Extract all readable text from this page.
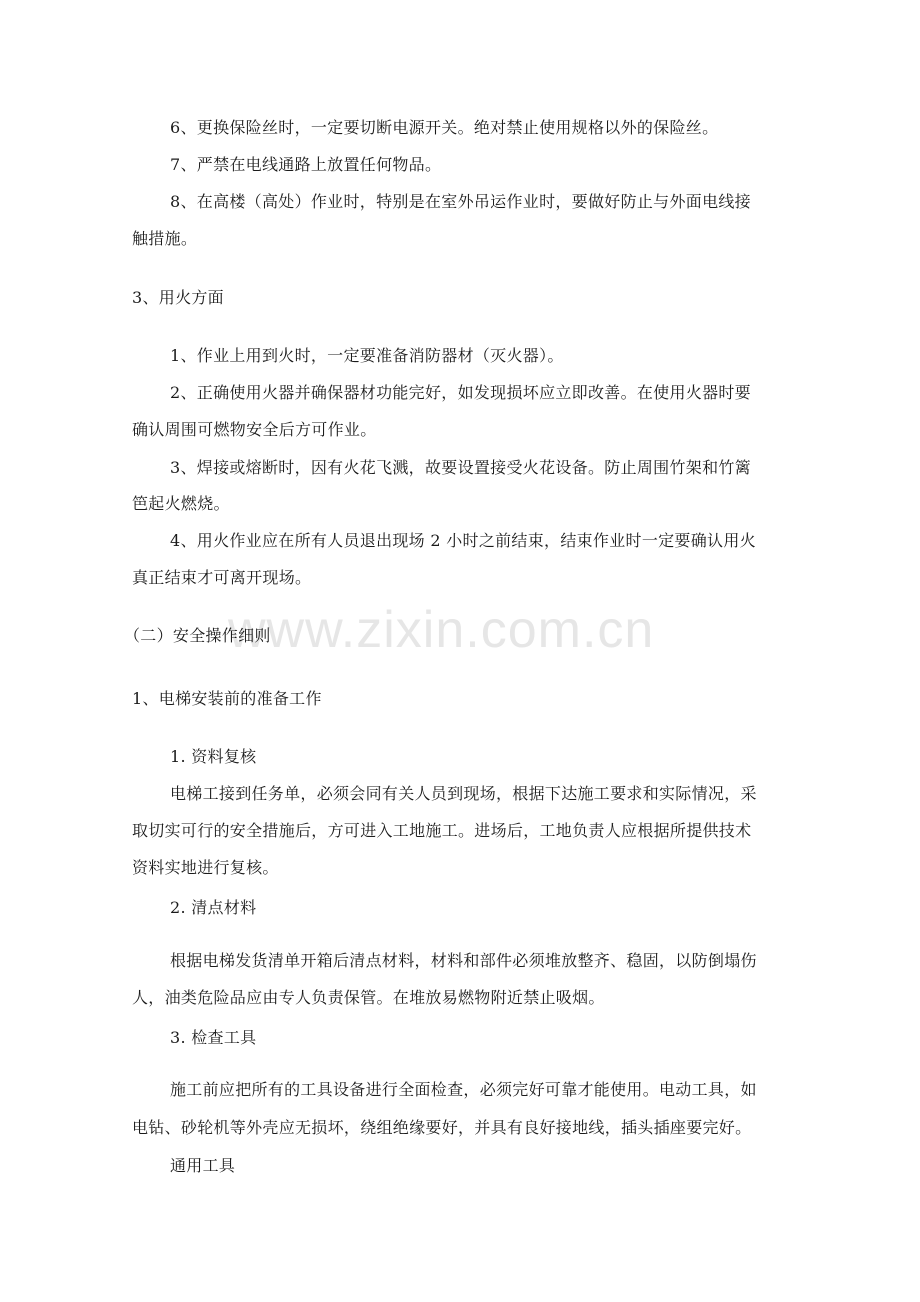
www.zixin.com.cn
6、更换保险丝时，一定要切断电源开关。绝对禁止使用规格以外的保险丝。
7、严禁在电线通路上放置任何物品。
8、在高楼（高处）作业时，特别是在室外吊运作业时，要做好防止与外面电线接
触措施。
3、用火方面
1、作业上用到火时，一定要准备消防器材（灭火器）。
2、正确使用火器并确保器材功能完好，如发现损坏应立即改善。在使用火器时要
确认周围可燃物安全后方可作业。
3、焊接或熔断时，因有火花飞溅，故要设置接受火花设备。防止周围竹架和竹篱
笆起火燃烧。
4、用火作业应在所有人员退出现场 2 小时之前结束，结束作业时一定要确认用火
真正结束才可离开现场。
（二）安全操作细则
1、电梯安装前的准备工作
1. 资料复核
电梯工接到任务单，必须会同有关人员到现场，根据下达施工要求和实际情况，采
取切实可行的安全措施后，方可进入工地施工。进场后，工地负责人应根据所提供技术
资料实地进行复核。
2. 清点材料
根据电梯发货清单开箱后清点材料，材料和部件必须堆放整齐、稳固，以防倒塌伤
人，油类危险品应由专人负责保管。在堆放易燃物附近禁止吸烟。
3. 检查工具
施工前应把所有的工具设备进行全面检查，必须完好可靠才能使用。电动工具，如
电钻、砂轮机等外壳应无损坏，绕组绝缘要好，并具有良好接地线，插头插座要完好。
通用工具
